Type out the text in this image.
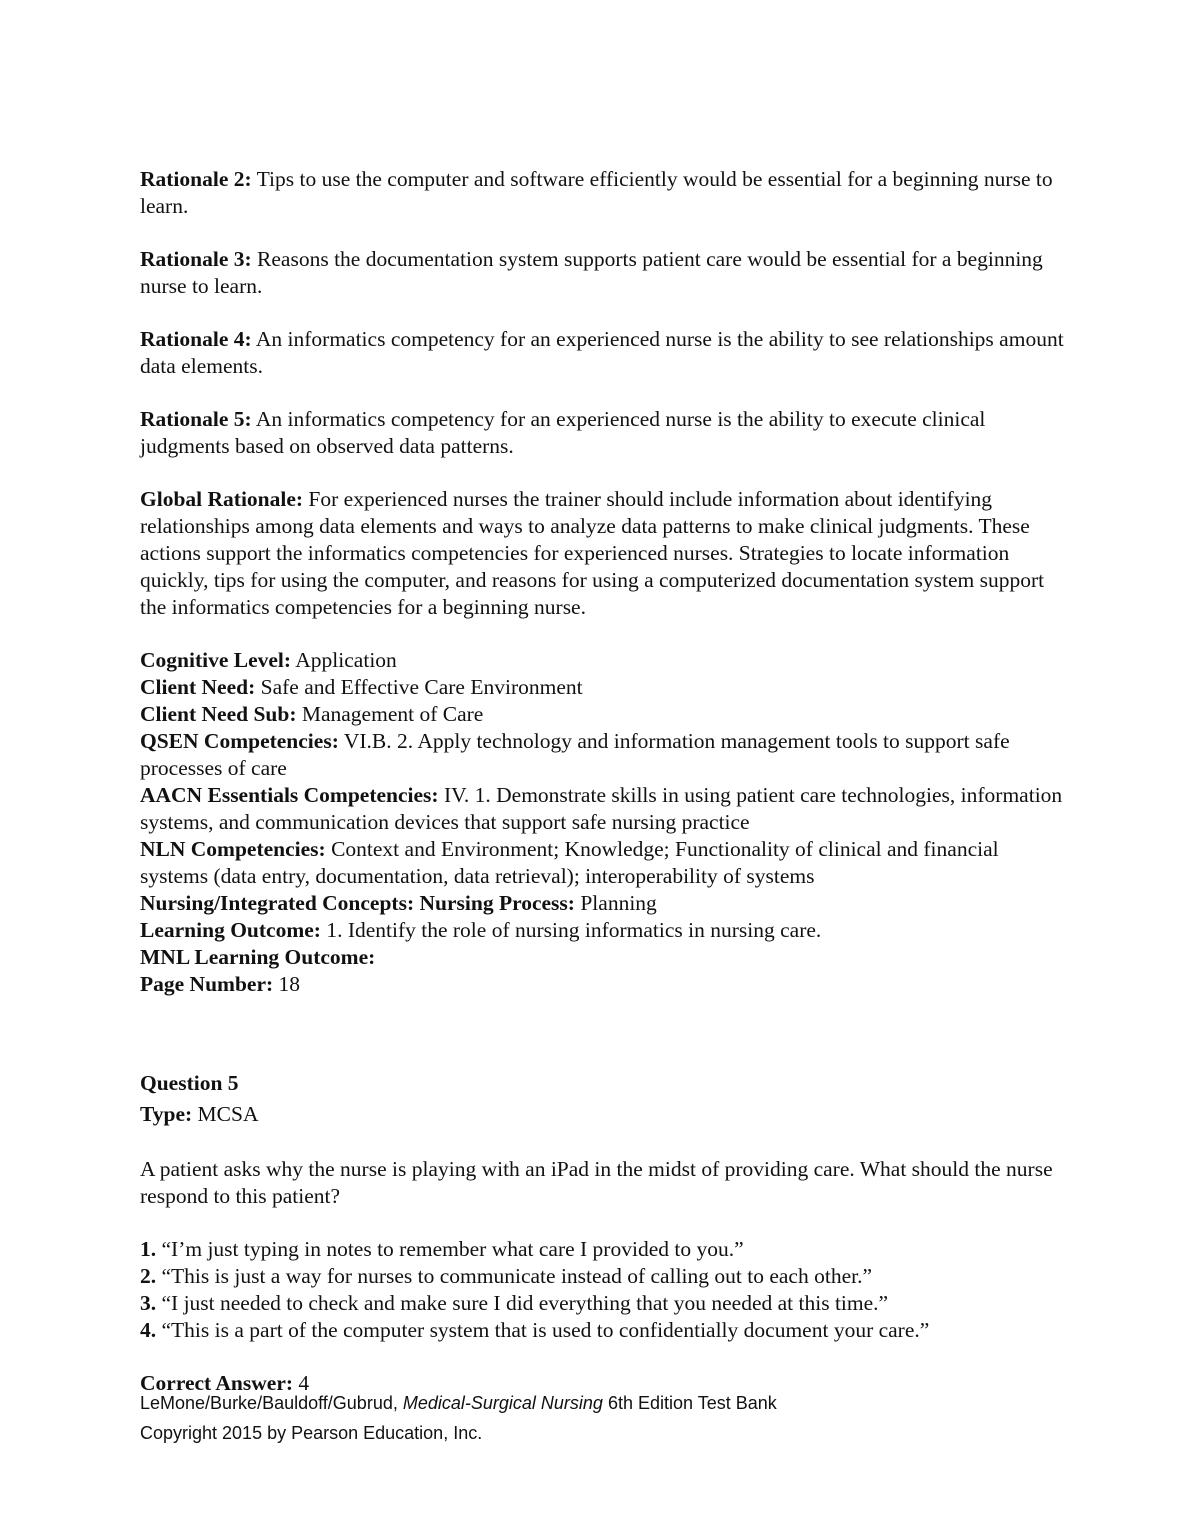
Rationale 2: Tips to use the computer and software efficiently would be essential for a beginning nurse to learn.

Rationale 3: Reasons the documentation system supports patient care would be essential for a beginning nurse to learn.

Rationale 4: An informatics competency for an experienced nurse is the ability to see relationships amount data elements.

Rationale 5: An informatics competency for an experienced nurse is the ability to execute clinical judgments based on observed data patterns.

Global Rationale: For experienced nurses the trainer should include information about identifying relationships among data elements and ways to analyze data patterns to make clinical judgments. These actions support the informatics competencies for experienced nurses. Strategies to locate information quickly, tips for using the computer, and reasons for using a computerized documentation system support the informatics competencies for a beginning nurse.

Cognitive Level: Application

Client Need: Safe and Effective Care Environment

Client Need Sub: Management of Care

QSEN Competencies: VI.B. 2. Apply technology and information management tools to support safe processes of care

AACN Essentials Competencies: IV. 1. Demonstrate skills in using patient care technologies, information systems, and communication devices that support safe nursing practice

NLN Competencies: Context and Environment; Knowledge; Functionality of clinical and financial systems (data entry, documentation, data retrieval); interoperability of systems

Nursing/Integrated Concepts: Nursing Process: Planning

Learning Outcome: 1. Identify the role of nursing informatics in nursing care.

MNL Learning Outcome:

Page Number: 18

Question 5

Type: MCSA

A patient asks why the nurse is playing with an iPad in the midst of providing care. What should the nurse respond to this patient?

1. “I’m just typing in notes to remember what care I provided to you.”

2. “This is just a way for nurses to communicate instead of calling out to each other.”

3. “I just needed to check and make sure I did everything that you needed at this time.”

4. “This is a part of the computer system that is used to confidentially document your care.”

Correct Answer: 4

LeMone/Burke/Bauldoff/Gubrud, Medical-Surgical Nursing 6th Edition Test Bank
Copyright 2015 by Pearson Education, Inc.
